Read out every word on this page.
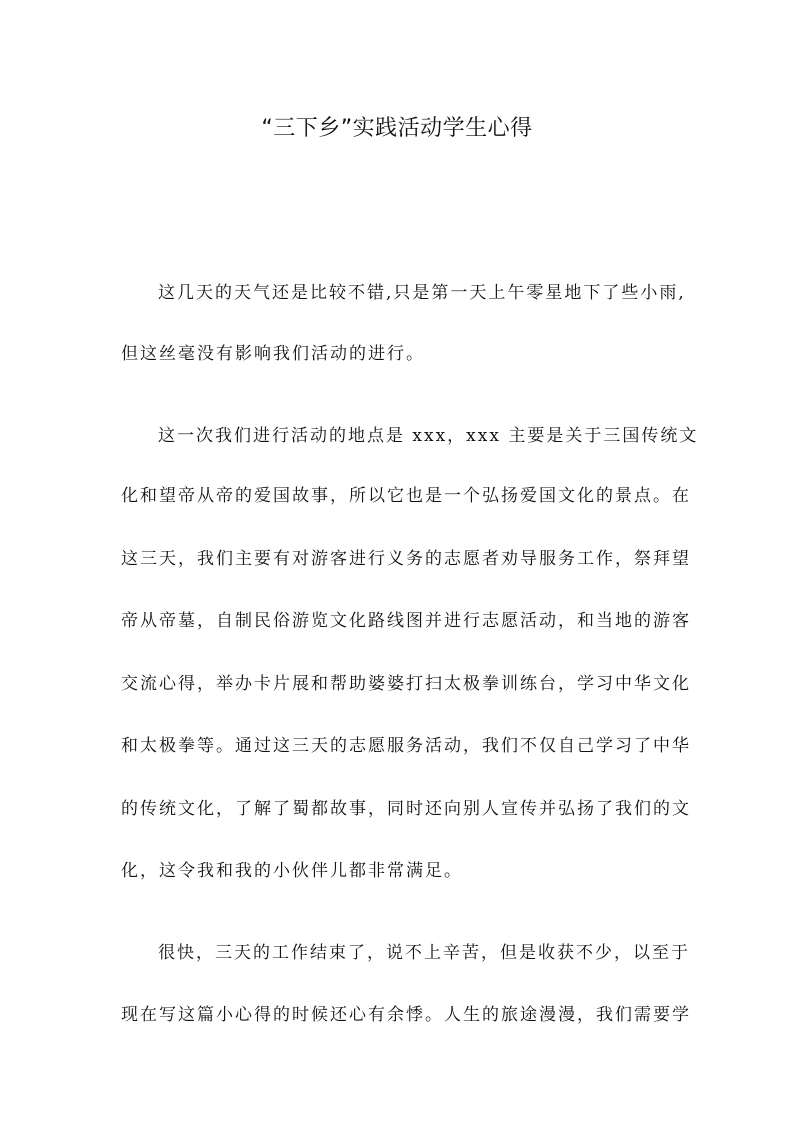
“三下乡”实践活动学生心得
这几天的天气还是比较不错,只是第一天上午零星地下了些小雨,
但这丝毫没有影响我们活动的进行。
这一次我们进行活动的地点是 xxx，xxx 主要是关于三国传统文
化和望帝从帝的爱国故事，所以它也是一个弘扬爱国文化的景点。在
这三天，我们主要有对游客进行义务的志愿者劝导服务工作，祭拜望
帝从帝墓，自制民俗游览文化路线图并进行志愿活动，和当地的游客
交流心得，举办卡片展和帮助婆婆打扫太极拳训练台，学习中华文化
和太极拳等。通过这三天的志愿服务活动，我们不仅自己学习了中华
的传统文化，了解了蜀都故事，同时还向别人宣传并弘扬了我们的文
化，这令我和我的小伙伴儿都非常满足。
很快，三天的工作结束了，说不上辛苦，但是收获不少，以至于
现在写这篇小心得的时候还心有余悸。人生的旅途漫漫，我们需要学
